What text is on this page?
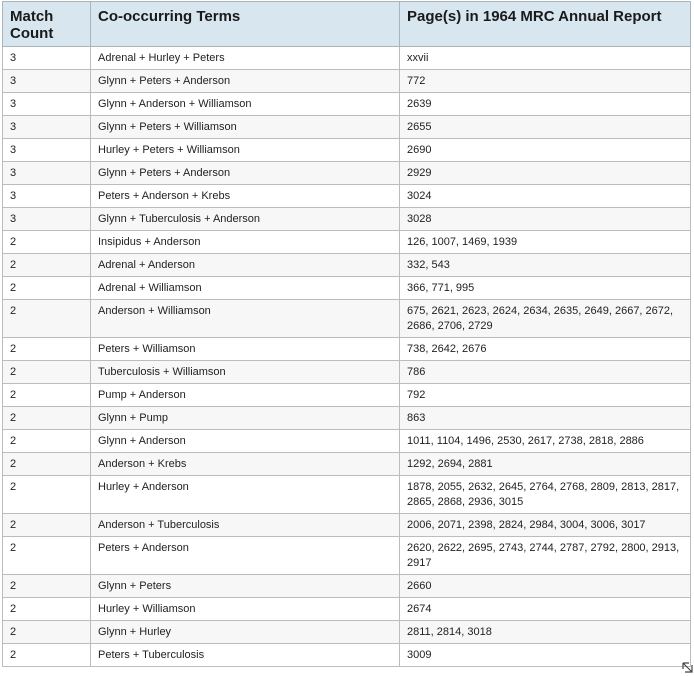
Match Count	Co-occurring Terms	Page(s) in 1964 MRC Annual Report
3	Adrenal + Hurley + Peters	xxvii
3	Glynn + Peters + Anderson	772
3	Glynn + Anderson + Williamson	2639
3	Glynn + Peters + Williamson	2655
3	Hurley + Peters + Williamson	2690
3	Glynn + Peters + Anderson	2929
3	Peters + Anderson + Krebs	3024
3	Glynn + Tuberculosis + Anderson	3028
2	Insipidus + Anderson	126, 1007, 1469, 1939
2	Adrenal + Anderson	332, 543
2	Adrenal + Williamson	366, 771, 995
2	Anderson + Williamson	675, 2621, 2623, 2624, 2634, 2635, 2649, 2667, 2672, 2686, 2706, 2729
2	Peters + Williamson	738, 2642, 2676
2	Tuberculosis + Williamson	786
2	Pump + Anderson	792
2	Glynn + Pump	863
2	Glynn + Anderson	1011, 1104, 1496, 2530, 2617, 2738, 2818, 2886
2	Anderson + Krebs	1292, 2694, 2881
2	Hurley + Anderson	1878, 2055, 2632, 2645, 2764, 2768, 2809, 2813, 2817, 2865, 2868, 2936, 3015
2	Anderson + Tuberculosis	2006, 2071, 2398, 2824, 2984, 3004, 3006, 3017
2	Peters + Anderson	2620, 2622, 2695, 2743, 2744, 2787, 2792, 2800, 2913, 2917
2	Glynn + Peters	2660
2	Hurley + Williamson	2674
2	Glynn + Hurley	2811, 2814, 3018
2	Peters + Tuberculosis	3009
